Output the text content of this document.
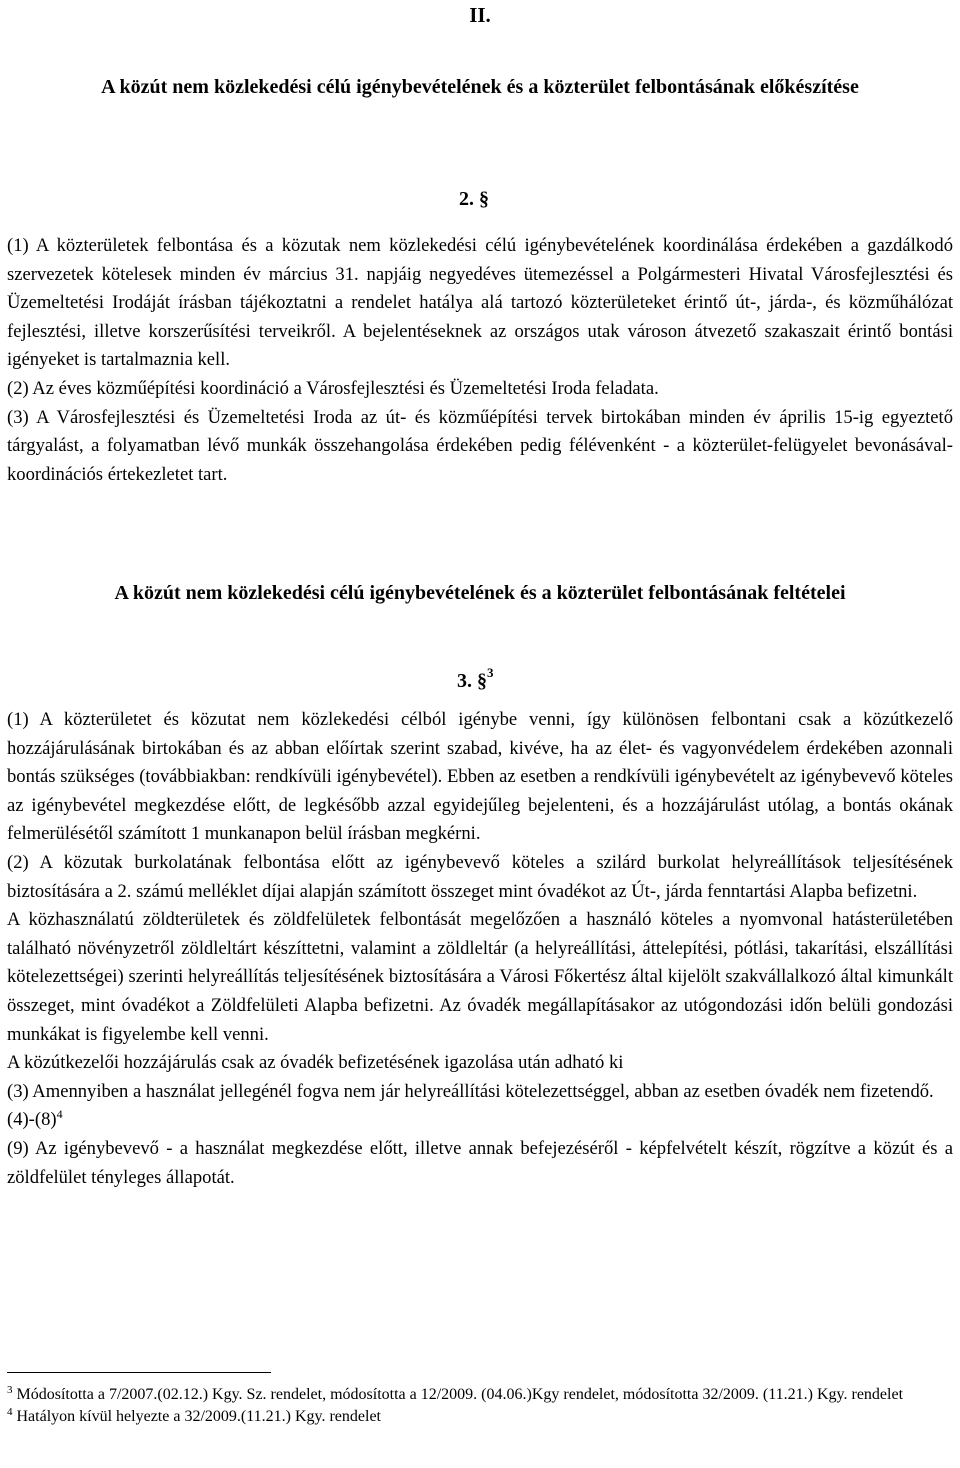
II.
A közút nem közlekedési célú igénybevételének és a közterület felbontásának előkészítése
2. §

(1) A közterületek felbontása és a közutak nem közlekedési célú igénybevételének koordinálása érdekében a gazdálkodó szervezetek kötelesek minden év március 31. napjáig negyedéves ütemezéssel a Polgármesteri Hivatal Városfejlesztési és Üzemeltetési Irodáját írásban tájékoztatni a rendelet hatálya alá tartozó közterületeket érintő út-, járda-, és közműhálózat fejlesztési, illetve korszerűsítési terveikről. A bejelentéseknek az országos utak városon átvezető szakaszait érintő bontási igényeket is tartalmaznia kell.

(2) Az éves közműépítési koordináció a Városfejlesztési és Üzemeltetési Iroda feladata.

(3) A Városfejlesztési és Üzemeltetési Iroda az út- és közműépítési tervek birtokában minden év április 15-ig egyeztető tárgyalást, a folyamatban lévő munkák összehangolása érdekében pedig félévenként - a közterület-felügyelet bevonásával- koordinációs értekezletet tart.

A közút nem közlekedési célú igénybevételének és a közterület felbontásának feltételei
3. §$^3$

(1) A közterületet és közutat nem közlekedési célból igénybe venni, így különösen felbontani csak a közútkezelő hozzájárulásának birtokában és az abban előírtak szerint szabad, kivéve, ha az élet- és vagyonvédelem érdekében azonnali bontás szükséges (továbbiakban: rendkívüli igénybevétel). Ebben az esetben a rendkívüli igénybevételt az igénybevevő köteles az igénybevétel megkezdése előtt, de legkésőbb azzal egyidejűleg bejelenteni, és a hozzájárulást utólag, a bontás okának felmerülésétől számított 1 munkanapon belül írásban megkérni.

(2) A közutak burkolatának felbontása előtt az igénybevevő köteles a szilárd burkolat helyreállítások teljesítésének biztosítására a 2. számú melléklet díjai alapján számított összeget mint óvadékot az Út-, járda fenntartási Alapba befizetni.

A közhasználatú zöldterületek és zöldfelületek felbontását megelőzően a használó köteles a nyomvonal hatásterületében található növényzetről zöldleltárt készíttetni, valamint a zöldleltár (a helyreállítási, áttelepítési, pótlási, takarítási, elszállítási kötelezettségei) szerinti helyreállítás teljesítésének biztosítására a Városi Főkertész által kijelölt szakvállalkozó által kimunkált összeget, mint óvadékot a Zöldfelületi Alapba befizetni. Az óvadék megállapításakor az utógondozási időn belüli gondozási munkákat is figyelembe kell venni.

A közútkezelői hozzájárulás csak az óvadék befizetésének igazolása után adható ki

(3) Amennyiben a használat jellegénél fogva nem jár helyreállítási kötelezettséggel, abban az esetben óvadék nem fizetendő.

$(4)-(8)^4$

(9) Az igénybevevő - a használat megkezdése előtt, illetve annak befejezéséről - képfelvételt készít, rögzítve a közút és a zöldfelület tényleges állapotát.

$^3$ Módosította a 7/2007.(02.12.) Kgy. Sz. rendelet, módosította a 12/2009. (04.06.)Kgy rendelet, módosította 32/2009. (11.21.) Kgy. rendelet

$^4$ Hatályon kívül helyezte a 32/2009.(11.21.) Kgy. rendelet
